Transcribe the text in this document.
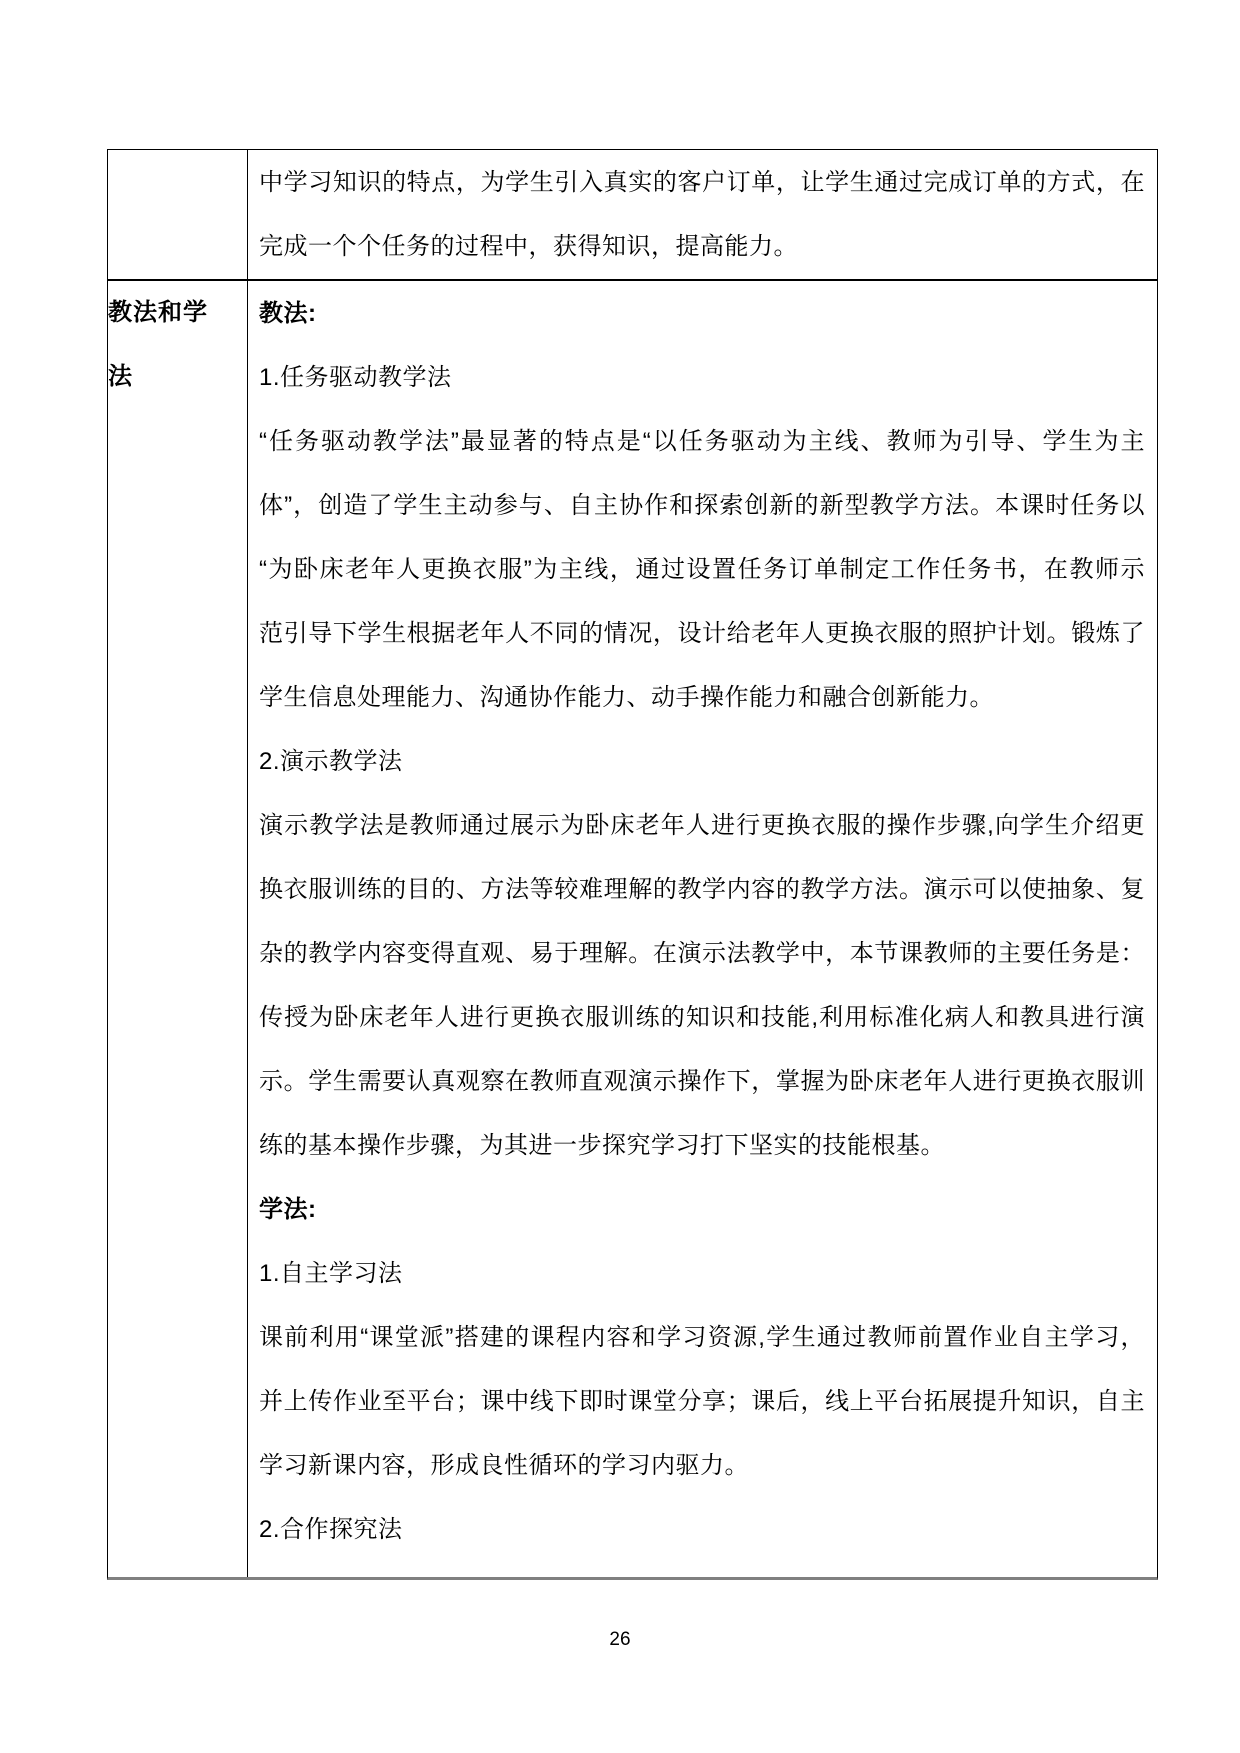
中学习知识的特点，为学生引入真实的客户订单，让学生通过完成订单的方式，在
完成一个个任务的过程中，获得知识，提高能力。
教法和学
法
教法:
1.任务驱动教学法
“任务驱动教学法”最显著的特点是“以任务驱动为主线、教师为引导、学生为主
体”，创造了学生主动参与、自主协作和探索创新的新型教学方法。本课时任务以
“为卧床老年人更换衣服”为主线，通过设置任务订单制定工作任务书，在教师示
范引导下学生根据老年人不同的情况，设计给老年人更换衣服的照护计划。锻炼了
学生信息处理能力、沟通协作能力、动手操作能力和融合创新能力。
2.演示教学法
演示教学法是教师通过展示为卧床老年人进行更换衣服的操作步骤,向学生介绍更
换衣服训练的目的、方法等较难理解的教学内容的教学方法。演示可以使抽象、复
杂的教学内容变得直观、易于理解。在演示法教学中，本节课教师的主要任务是：
传授为卧床老年人进行更换衣服训练的知识和技能,利用标准化病人和教具进行演
示。学生需要认真观察在教师直观演示操作下，掌握为卧床老年人进行更换衣服训
练的基本操作步骤，为其进一步探究学习打下坚实的技能根基。
学法:
1.自主学习法
课前利用“课堂派”搭建的课程内容和学习资源,学生通过教师前置作业自主学习，
并上传作业至平台；课中线下即时课堂分享；课后，线上平台拓展提升知识，自主
学习新课内容，形成良性循环的学习内驱力。
2.合作探究法
26
